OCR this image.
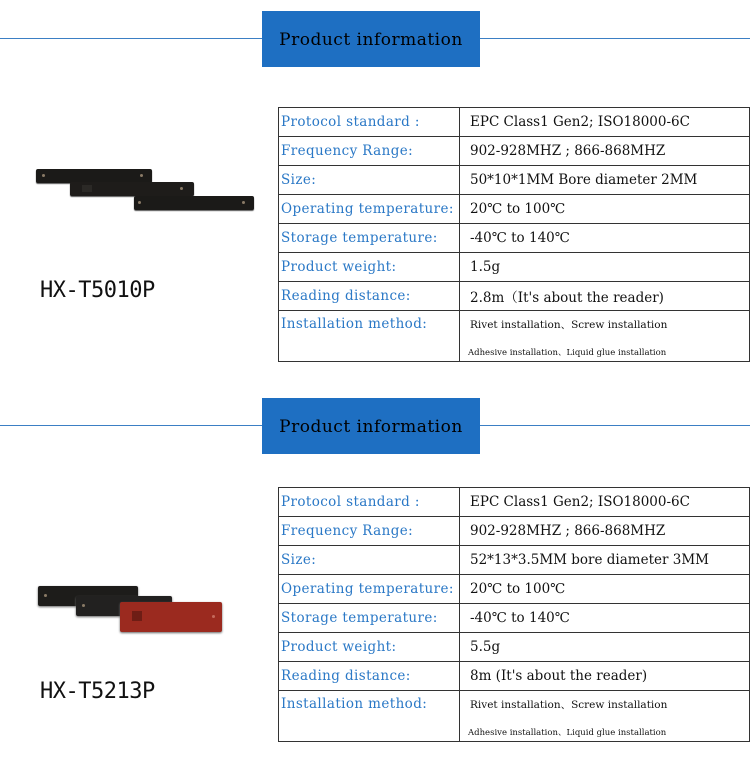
Product information
HX-T5010P
Protocol standard :	EPC Class1 Gen2; ISO18000-6C
Frequency Range:	902-928MHZ ; 866-868MHZ
Size:	50*10*1MM Bore diameter 2MM
Operating temperature:	20℃ to 100℃
Storage temperature:	-40℃ to 140℃
Product weight:	1.5g
Reading distance:	2.8m（It's about the reader)

Installation method:	Rivet installation、Screw installation
Adhesive installation、Liquid glue installation
Product information
HX-T5213P
Protocol standard :	EPC Class1 Gen2; ISO18000-6C
Frequency Range:	902-928MHZ ; 866-868MHZ
Size:	52*13*3.5MM bore diameter 3MM
Operating temperature:	20℃ to 100℃
Storage temperature:	-40℃ to 140℃
Product weight:	5.5g
Reading distance:	8m (It's about the reader)

Installation method:	Rivet installation、Screw installation
Adhesive installation、Liquid glue installation
